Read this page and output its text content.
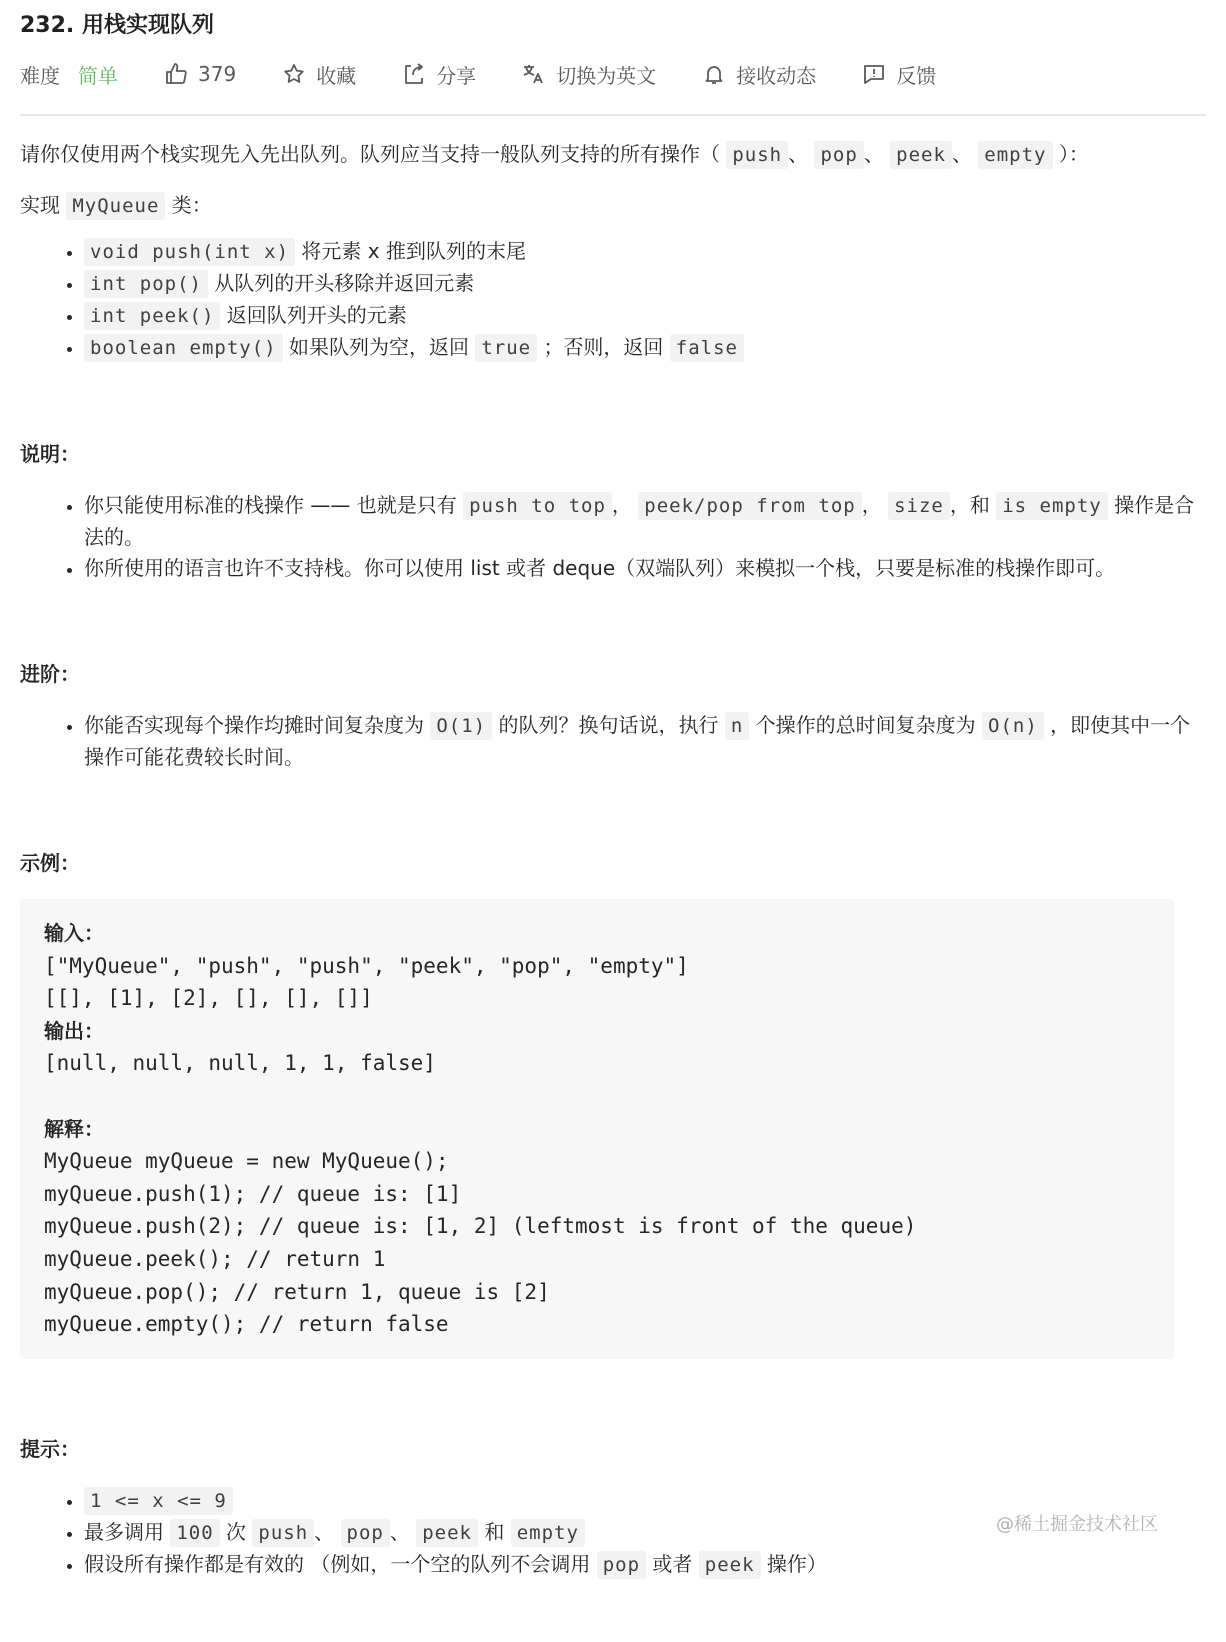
232. 用栈实现队列
难度 简单	379	收藏	分享	切换为英文	接收动态	反馈

请你仅使用两个栈实现先入先出队列。队列应当支持一般队列支持的所有操作（ push 、 pop 、 peek 、 empty ）：

实现 MyQueue 类：

• void push(int x) 将元素 x 推到队列的末尾
• int pop() 从队列的开头移除并返回元素
• int peek() 返回队列开头的元素
• boolean empty() 如果队列为空，返回 true ；否则，返回 false

说明：

• 你只能使用标准的栈操作 —— 也就是只有 push to top ， peek/pop from top ， size ，和 is empty 操作是合法的。
• 你所使用的语言也许不支持栈。你可以使用 list 或者 deque（双端队列）来模拟一个栈，只要是标准的栈操作即可。

进阶：

• 你能否实现每个操作均摊时间复杂度为 O(1) 的队列？换句话说，执行 n 个操作的总时间复杂度为 O(n) ，即使其中一个操作可能花费较长时间。

示例：

输入：
["MyQueue", "push", "push", "peek", "pop", "empty"]
[[], [1], [2], [], [], []]
输出：
[null, null, null, 1, 1, false]

解释：
MyQueue myQueue = new MyQueue();
myQueue.push(1); // queue is: [1]
myQueue.push(2); // queue is: [1, 2] (leftmost is front of the queue)
myQueue.peek(); // return 1
myQueue.pop(); // return 1, queue is [2]
myQueue.empty(); // return false

提示：

• 1 <= x <= 9
• 最多调用 100 次 push 、 pop 、 peek 和 empty
• 假设所有操作都是有效的 （例如，一个空的队列不会调用 pop 或者 peek 操作）
@稀土掘金技术社区
